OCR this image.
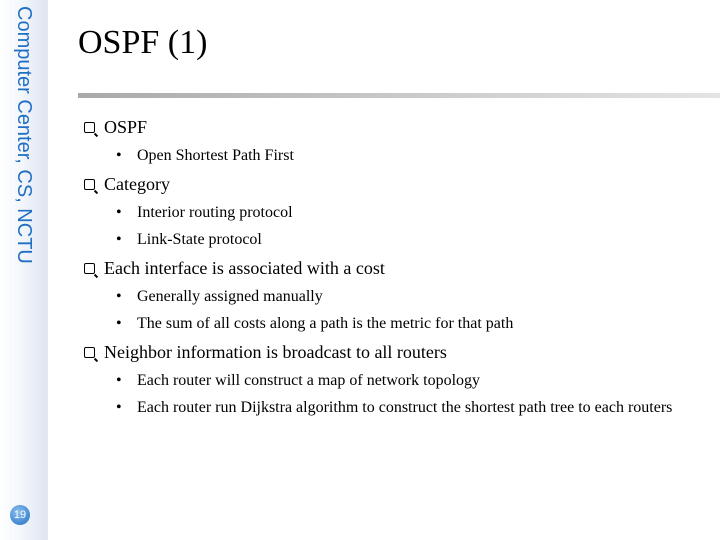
Computer Center, CS, NCTU
19
OSPF (1)
OSPF
• Open Shortest Path First
Category
• Interior routing protocol
• Link-State protocol
Each interface is associated with a cost
• Generally assigned manually
• The sum of all costs along a path is the metric for that path
Neighbor information is broadcast to all routers
• Each router will construct a map of network topology
• Each router run Dijkstra algorithm to construct the shortest path tree to each routers
